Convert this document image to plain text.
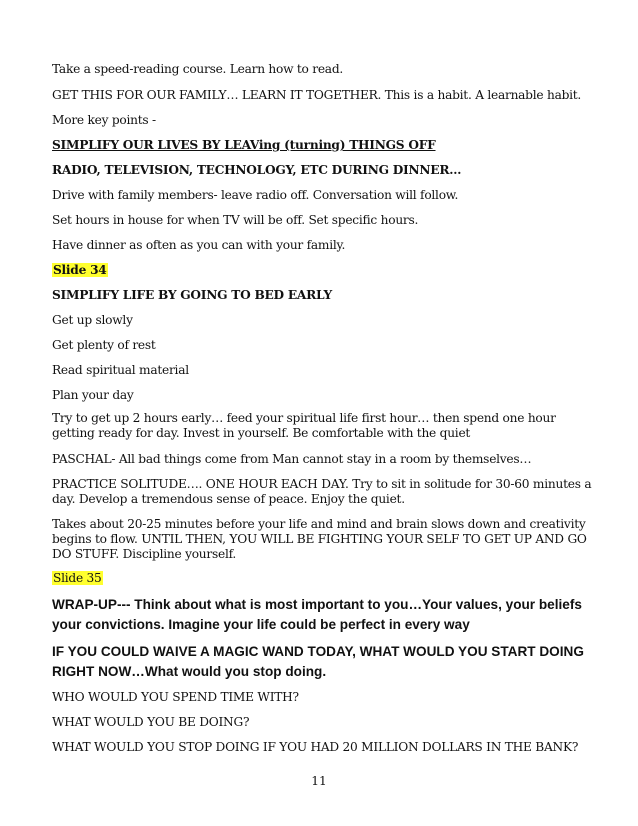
Take a speed-reading course. Learn how to read.

GET THIS FOR OUR FAMILY… LEARN IT TOGETHER. This is a habit. A learnable habit.

More key points -

SIMPLIFY OUR LIVES BY LEAVing (turning) THINGS OFF

RADIO, TELEVISION, TECHNOLOGY, ETC DURING DINNER…

Drive with family members- leave radio off. Conversation will follow.

Set hours in house for when TV will be off. Set specific hours.

Have dinner as often as you can with your family.

Slide 34

SIMPLIFY LIFE BY GOING TO BED EARLY

Get up slowly

Get plenty of rest

Read spiritual material

Plan your day

Try to get up 2 hours early… feed your spiritual life first hour… then spend one hour getting ready for day. Invest in yourself. Be comfortable with the quiet

PASCHAL- All bad things come from Man cannot stay in a room by themselves…

PRACTICE SOLITUDE…. ONE HOUR EACH DAY. Try to sit in solitude for 30-60 minutes a day. Develop a tremendous sense of peace. Enjoy the quiet.

Takes about 20-25 minutes before your life and mind and brain slows down and creativity begins to flow. UNTIL THEN, YOU WILL BE FIGHTING YOUR SELF TO GET UP AND GO DO STUFF. Discipline yourself.

Slide 35

WRAP-UP--- Think about what is most important to you…Your values, your beliefs your convictions. Imagine your life could be perfect in every way

IF YOU COULD WAIVE A MAGIC WAND TODAY, WHAT WOULD YOU START DOING RIGHT NOW…What would you stop doing.

WHO WOULD YOU SPEND TIME WITH?

WHAT WOULD YOU BE DOING?

WHAT WOULD YOU STOP DOING IF YOU HAD 20 MILLION DOLLARS IN THE BANK?

11
